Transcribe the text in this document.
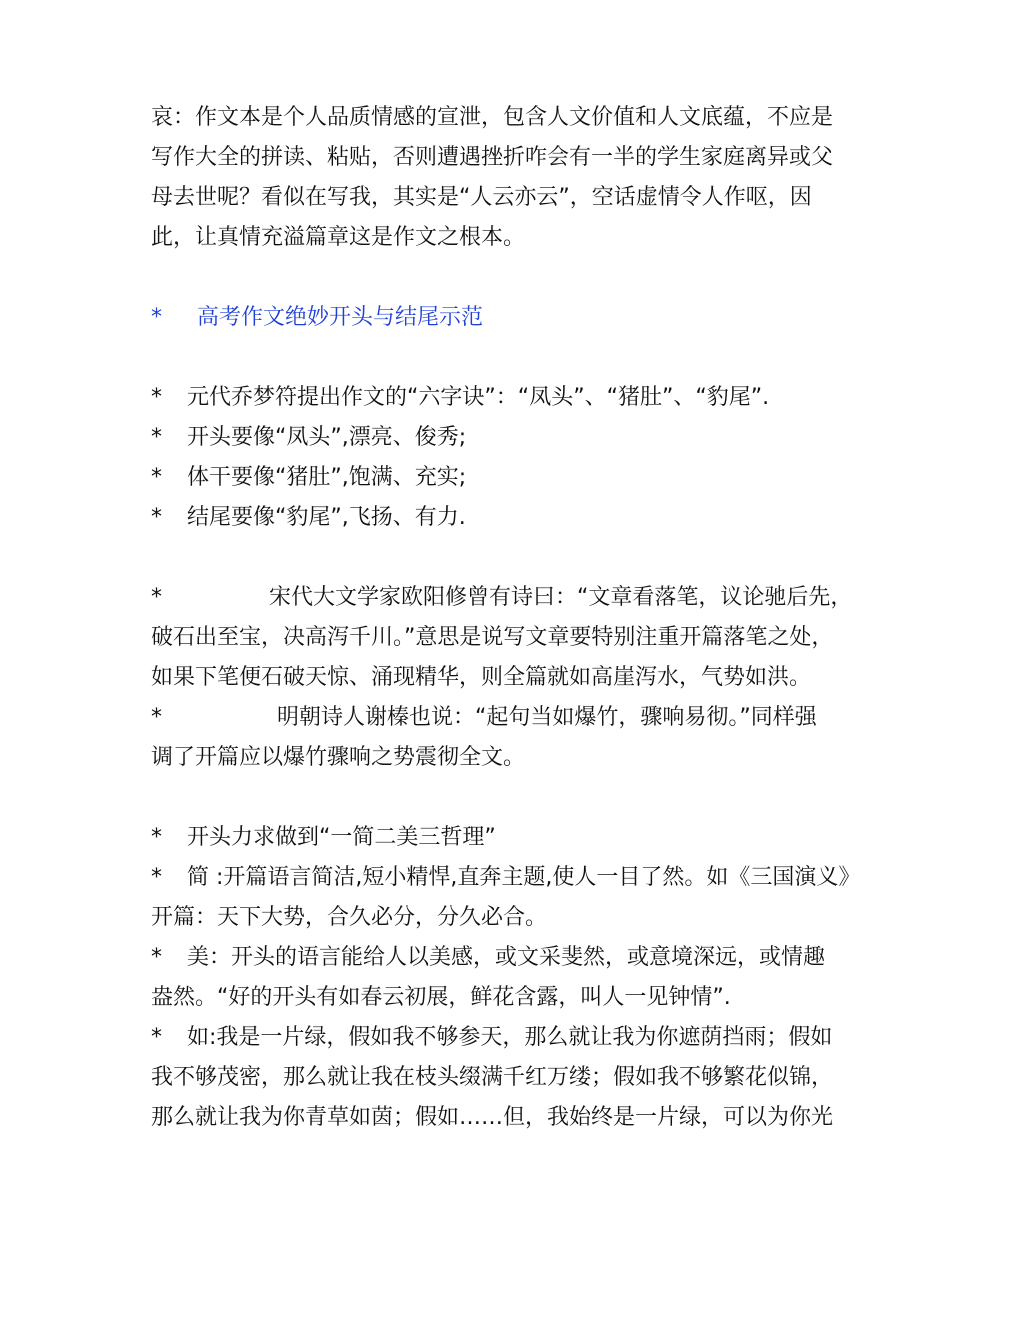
哀：作文本是个人品质情感的宣泄，包含人文价值和人文底蕴，不应是
写作大全的拼读、粘贴，否则遭遇挫折咋会有一半的学生家庭离异或父
母去世呢？看似在写我，其实是“人云亦云”，空话虚情令人作呕，因
此，让真情充溢篇章这是作文之根本。
* 高考作文绝妙开头与结尾示范
* 元代乔梦符提出作文的“六字诀”：“凤头”、“猪肚”、“豹尾”.
* 开头要像“凤头”,漂亮、俊秀;
* 体干要像“猪肚”,饱满、充实;
* 结尾要像“豹尾”,飞扬、有力.
*	宋代大文学家欧阳修曾有诗曰：“文章看落笔，议论驰后先，
破石出至宝，决高泻千川。”意思是说写文章要特别注重开篇落笔之处，
如果下笔便石破天惊、涌现精华，则全篇就如高崖泻水，气势如洪。
*	明朝诗人谢榛也说：“起句当如爆竹，骤响易彻。”同样强
调了开篇应以爆竹骤响之势震彻全文。
* 开头力求做到“一简二美三哲理”
* 简 :开篇语言简洁,短小精悍,直奔主题,使人一目了然。如《三国演义》
开篇：天下大势，合久必分，分久必合。
* 美：开头的语言能给人以美感，或文采斐然，或意境深远，或情趣
盎然。“好的开头有如春云初展，鲜花含露，叫人一见钟情”.
* 如:我是一片绿，假如我不够参天，那么就让我为你遮荫挡雨；假如
我不够茂密，那么就让我在枝头缀满千红万缕；假如我不够繁花似锦，
那么就让我为你青草如茵；假如……但，我始终是一片绿，可以为你光
